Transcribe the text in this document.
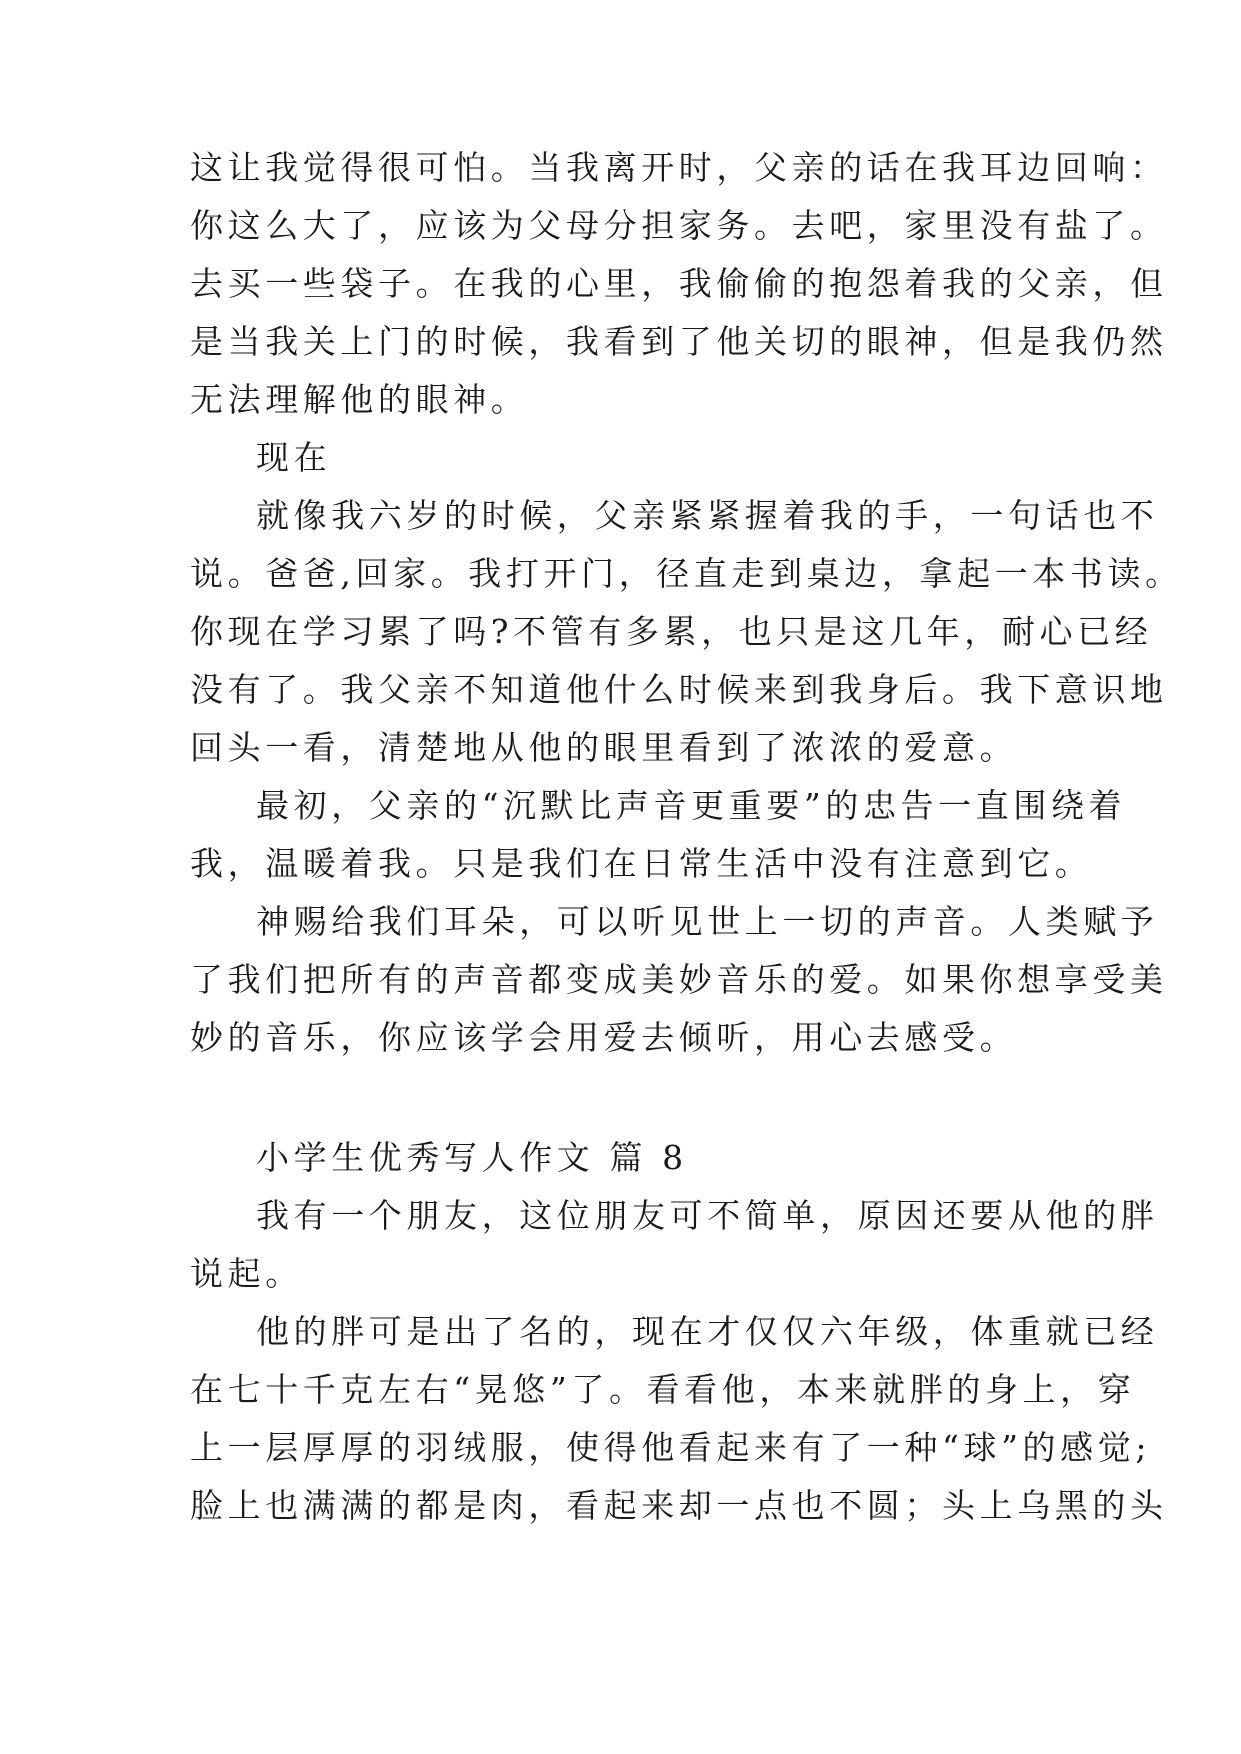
这让我觉得很可怕。当我离开时，父亲的话在我耳边回响：
你这么大了，应该为父母分担家务。去吧，家里没有盐了。
去买一些袋子。在我的心里，我偷偷的抱怨着我的父亲，但
是当我关上门的时候，我看到了他关切的眼神，但是我仍然
无法理解他的眼神。
现在
就像我六岁的时候，父亲紧紧握着我的手，一句话也不
说。爸爸,回家。我打开门，径直走到桌边，拿起一本书读。
你现在学习累了吗?不管有多累，也只是这几年，耐心已经
没有了。我父亲不知道他什么时候来到我身后。我下意识地
回头一看，清楚地从他的眼里看到了浓浓的爱意。
最初，父亲的“沉默比声音更重要”的忠告一直围绕着
我，温暖着我。只是我们在日常生活中没有注意到它。
神赐给我们耳朵，可以听见世上一切的声音。人类赋予
了我们把所有的声音都变成美妙音乐的爱。如果你想享受美
妙的音乐，你应该学会用爱去倾听，用心去感受。
小学生优秀写人作文 篇 8
我有一个朋友，这位朋友可不简单，原因还要从他的胖
说起。
他的胖可是出了名的，现在才仅仅六年级，体重就已经
在七十千克左右“晃悠”了。看看他，本来就胖的身上，穿
上一层厚厚的羽绒服，使得他看起来有了一种“球”的感觉;
脸上也满满的都是肉，看起来却一点也不圆；头上乌黑的头
